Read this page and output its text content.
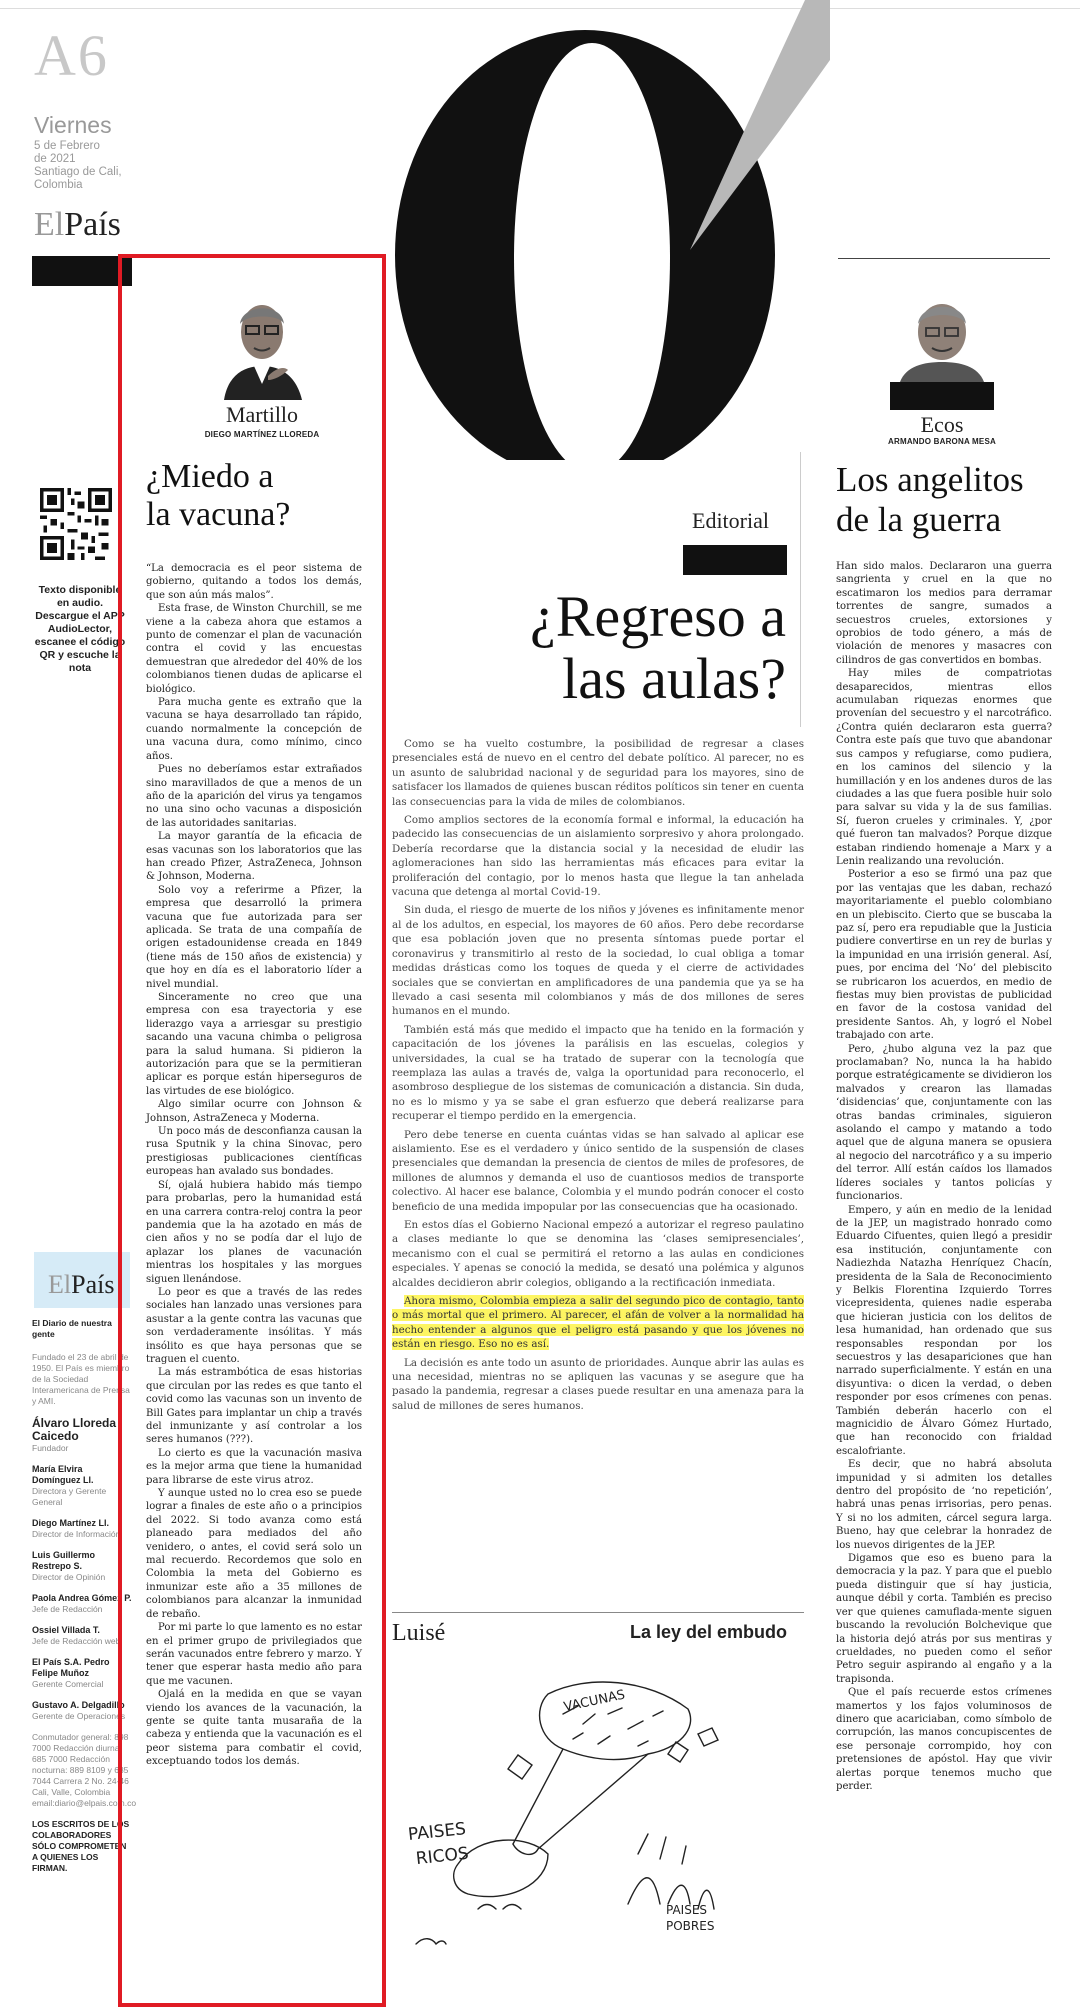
A6
Viernes
5 de Febrero
de 2021
Santiago de Cali,
Colombia
ElPaís
Texto disponible en audio. Descargue el APP AudioLector, escanee el código QR y escuche la nota
ElPaís
El Diario de nuestra gente
Fundado el 23 de abril de 1950. El País es miembro de la Sociedad Interamericana de Prensa y AMI.
Álvaro Lloreda Caicedo
Fundador
María Elvira Domínguez Ll.
Directora y Gerente General
Diego Martínez Ll.
Director de Información
Luis Guillermo Restrepo S.
Director de Opinión
Paola Andrea Gómez P.
Jefe de Redacción
Ossiel Villada T.
Jefe de Redacción web
El País S.A. Pedro Felipe Muñoz
Gerente Comercial
Gustavo A. Delgadillo
Gerente de Operaciones
Conmutador general: 898 7000 Redacción diurna: 685 7000 Redacción nocturna: 889 8109 y 685 7044 Carrera 2 No. 24-46 Cali, Valle, Colombia email:diario@elpais.com.co
LOS ESCRITOS DE LOS COLABORADORES SÓLO COMPROMETEN A QUIENES LOS FIRMAN.
Ó
Martillo
DIEGO MARTÍNEZ LLOREDA
¿Miedo a
la vacuna?

“La democracia es el peor sistema de gobierno, quitando a todos los demás, que son aún más malos”.

Esta frase, de Winston Churchill, se me viene a la cabeza ahora que estamos a punto de comenzar el plan de vacunación contra el covid y las encuestas demuestran que alrededor del 40% de los colombianos tienen dudas de aplicarse el biológico.

Para mucha gente es extraño que la vacuna se haya desarrollado tan rápido, cuando normalmente la concepción de una vacuna dura, como mínimo, cinco años.

Pues no deberíamos estar extrañados sino maravillados de que a menos de un año de la aparición del virus ya tengamos no una sino ocho vacunas a disposición de las autoridades sanitarias.

La mayor garantía de la eficacia de esas vacunas son los laboratorios que las han creado Pfizer, AstraZeneca, Johnson & Johnson, Moderna.

Solo voy a referirme a Pfizer, la empresa que desarrolló la primera vacuna que fue autorizada para ser aplicada. Se trata de una compañía de origen estadounidense creada en 1849 (tiene más de 150 años de existencia) y que hoy en día es el laboratorio líder a nivel mundial.

Sinceramente no creo que una empresa con esa trayectoria y ese liderazgo vaya a arriesgar su prestigio sacando una vacuna chimba o peligrosa para la salud humana. Si pidieron la autorización para que se la permitieran aplicar es porque están hiperseguros de las virtudes de ese biológico.

Algo similar ocurre con Johnson & Johnson, AstraZeneca y Moderna.

Un poco más de desconfianza causan la rusa Sputnik y la china Sinovac, pero prestigiosas publicaciones científicas europeas han avalado sus bondades.

Sí, ojalá hubiera habido más tiempo para probarlas, pero la humanidad está en una carrera contra-reloj contra la peor pandemia que la ha azotado en más de cien años y no se podía dar el lujo de aplazar los planes de vacunación mientras los hospitales y las morgues siguen llenándose.

Lo peor es que a través de las redes sociales han lanzado unas versiones para asustar a la gente contra las vacunas que son verdaderamente insólitas. Y más insólito es que haya personas que se traguen el cuento.

La más estrambótica de esas historias que circulan por las redes es que tanto el covid como las vacunas son un invento de Bill Gates para implantar un chip a través del inmunizante y así controlar a los seres humanos (???).

Lo cierto es que la vacunación masiva es la mejor arma que tiene la humanidad para librarse de este virus atroz.

Y aunque usted no lo crea eso se puede lograr a finales de este año o a principios del 2022. Si todo avanza como está planeado para mediados del año venidero, o antes, el covid será solo un mal recuerdo. Recordemos que solo en Colombia la meta del Gobierno es inmunizar este año a 35 millones de colombianos para alcanzar la inmunidad de rebaño.

Por mi parte lo que lamento es no estar en el primer grupo de privilegiados que serán vacunados entre febrero y marzo. Y tener que esperar hasta medio año para que me vacunen.

Ojalá en la medida en que se vayan viendo los avances de la vacunación, la gente se quite tanta musaraña de la cabeza y entienda que la vacunación es el peor sistema para combatir el covid, exceptuando todos los demás.

Editorial
¿Regreso a
las aulas?

Como se ha vuelto costumbre, la posibilidad de regresar a clases presenciales está de nuevo en el centro del debate político. Al parecer, no es un asunto de salubridad nacional y de seguridad para los mayores, sino de satisfacer los llamados de quienes buscan réditos políticos sin tener en cuenta las consecuencias para la vida de miles de colombianos.

Como amplios sectores de la economía formal e informal, la educación ha padecido las consecuencias de un aislamiento sorpresivo y ahora prolongado. Debería recordarse que la distancia social y la necesidad de eludir las aglomeraciones han sido las herramientas más eficaces para evitar la proliferación del contagio, por lo menos hasta que llegue la tan anhelada vacuna que detenga al mortal Covid-19.

Sin duda, el riesgo de muerte de los niños y jóvenes es infinitamente menor al de los adultos, en especial, los mayores de 60 años. Pero debe recordarse que esa población joven que no presenta síntomas puede portar el coronavirus y transmitirlo al resto de la sociedad, lo cual obliga a tomar medidas drásticas como los toques de queda y el cierre de actividades sociales que se conviertan en amplificadores de una pandemia que ya se ha llevado a casi sesenta mil colombianos y más de dos millones de seres humanos en el mundo.

También está más que medido el impacto que ha tenido en la formación y capacitación de los jóvenes la parálisis en las escuelas, colegios y universidades, la cual se ha tratado de superar con la tecnología que reemplaza las aulas a través de, valga la oportunidad para reconocerlo, el asombroso despliegue de los sistemas de comunicación a distancia. Sin duda, no es lo mismo y ya se sabe el gran esfuerzo que deberá realizarse para recuperar el tiempo perdido en la emergencia.

Pero debe tenerse en cuenta cuántas vidas se han salvado al aplicar ese aislamiento. Ese es el verdadero y único sentido de la suspensión de clases presenciales que demandan la presencia de cientos de miles de profesores, de millones de alumnos y demanda el uso de cuantiosos medios de transporte colectivo. Al hacer ese balance, Colombia y el mundo podrán conocer el costo beneficio de una medida impopular por las consecuencias que ha ocasionado.

En estos días el Gobierno Nacional empezó a autorizar el regreso paulatino a clases mediante lo que se denomina las ‘clases semipresenciales’, mecanismo con el cual se permitirá el retorno a las aulas en condiciones especiales. Y apenas se conoció la medida, se desató una polémica y algunos alcaldes decidieron abrir colegios, obligando a la rectificación inmediata.

Ahora mismo, Colombia empieza a salir del segundo pico de contagio, tanto o más mortal que el primero. Al parecer, el afán de volver a la normalidad ha hecho entender a algunos que el peligro está pasando y que los jóvenes no están en riesgo. Eso no es así.

La decisión es ante todo un asunto de prioridades. Aunque abrir las aulas es una necesidad, mientras no se apliquen las vacunas y se asegure que ha pasado la pandemia, regresar a clases puede resultar en una amenaza para la salud de millones de seres humanos.

Luisé	La ley del embudo
VACUNAS
PAISES
RICOS
PAISES
POBRES
Ecos
ARMANDO BARONA MESA
Los angelitos
de la guerra

Han sido malos. Declararon una guerra sangrienta y cruel en la que no escatimaron los medios para derramar torrentes de sangre, sumados a secuestros crueles, extorsiones y oprobios de todo género, a más de violación de menores y masacres con cilindros de gas convertidos en bombas.

Hay miles de compatriotas desaparecidos, mientras ellos acumulaban riquezas enormes que provenían del secuestro y el narcotráfico. ¿Contra quién declararon esta guerra? Contra este país que tuvo que abandonar sus campos y refugiarse, como pudiera, en los caminos del silencio y la humillación y en los andenes duros de las ciudades a las que fuera posible huir solo para salvar su vida y la de sus familias. Sí, fueron crueles y criminales. Y, ¿por qué fueron tan malvados? Porque dizque estaban rindiendo homenaje a Marx y a Lenin realizando una revolución.

Posterior a eso se firmó una paz que por las ventajas que les daban, rechazó mayoritariamente el pueblo colombiano en un plebiscito. Cierto que se buscaba la paz sí, pero era repudiable que la Justicia pudiere convertirse en un rey de burlas y la impunidad en una irrisión general. Así, pues, por encima del ‘No’ del plebiscito se rubricaron los acuerdos, en medio de fiestas muy bien provistas de publicidad en favor de la costosa vanidad del presidente Santos. Ah, y logró el Nobel trabajado con arte.

Pero, ¿hubo alguna vez la paz que proclamaban? No, nunca la ha habido porque estratégicamente se dividieron los malvados y crearon las llamadas ‘disidencias’ que, conjuntamente con las otras bandas criminales, siguieron asolando el campo y matando a todo aquel que de alguna manera se opusiera al negocio del narcotráfico y a su imperio del terror. Allí están caídos los llamados líderes sociales y tantos policías y funcionarios.

Empero, y aún en medio de la lenidad de la JEP, un magistrado honrado como Eduardo Cifuentes, quien llegó a presidir esa institución, conjuntamente con Nadiezhda Natazha Henríquez Chacín, presidenta de la Sala de Reconocimiento y Belkis Florentina Izquierdo Torres vicepresidenta, quienes nadie esperaba que hicieran justicia con los delitos de lesa humanidad, han ordenado que sus responsables respondan por los secuestros y las desapariciones que han narrado superficialmente. Y están en una disyuntiva: o dicen la verdad, o deben responder por esos crímenes con penas. También deberán hacerlo con el magnicidio de Álvaro Gómez Hurtado, que han reconocido con frialdad escalofriante.

Es decir, que no habrá absoluta impunidad y si admiten los detalles dentro del propósito de ‘no repetición’, habrá unas penas irrisorias, pero penas. Y si no los admiten, cárcel segura larga. Bueno, hay que celebrar la honradez de los nuevos dirigentes de la JEP.

Digamos que eso es bueno para la democracia y la paz. Y para que el pueblo pueda distinguir que sí hay justicia, aunque débil y corta. También es preciso ver que quienes camuflada-mente siguen buscando la revolución Bolchevique que la historia dejó atrás por sus mentiras y crueldades, no pueden como el señor Petro seguir aspirando al engaño y a la trapisonda.

Que el país recuerde estos crímenes mamertos y los fajos voluminosos de dinero que acariciaban, como símbolo de corrupción, las manos concupiscentes de ese personaje corrompido, hoy con pretensiones de apóstol. Hay que vivir alertas porque tenemos mucho que perder.
